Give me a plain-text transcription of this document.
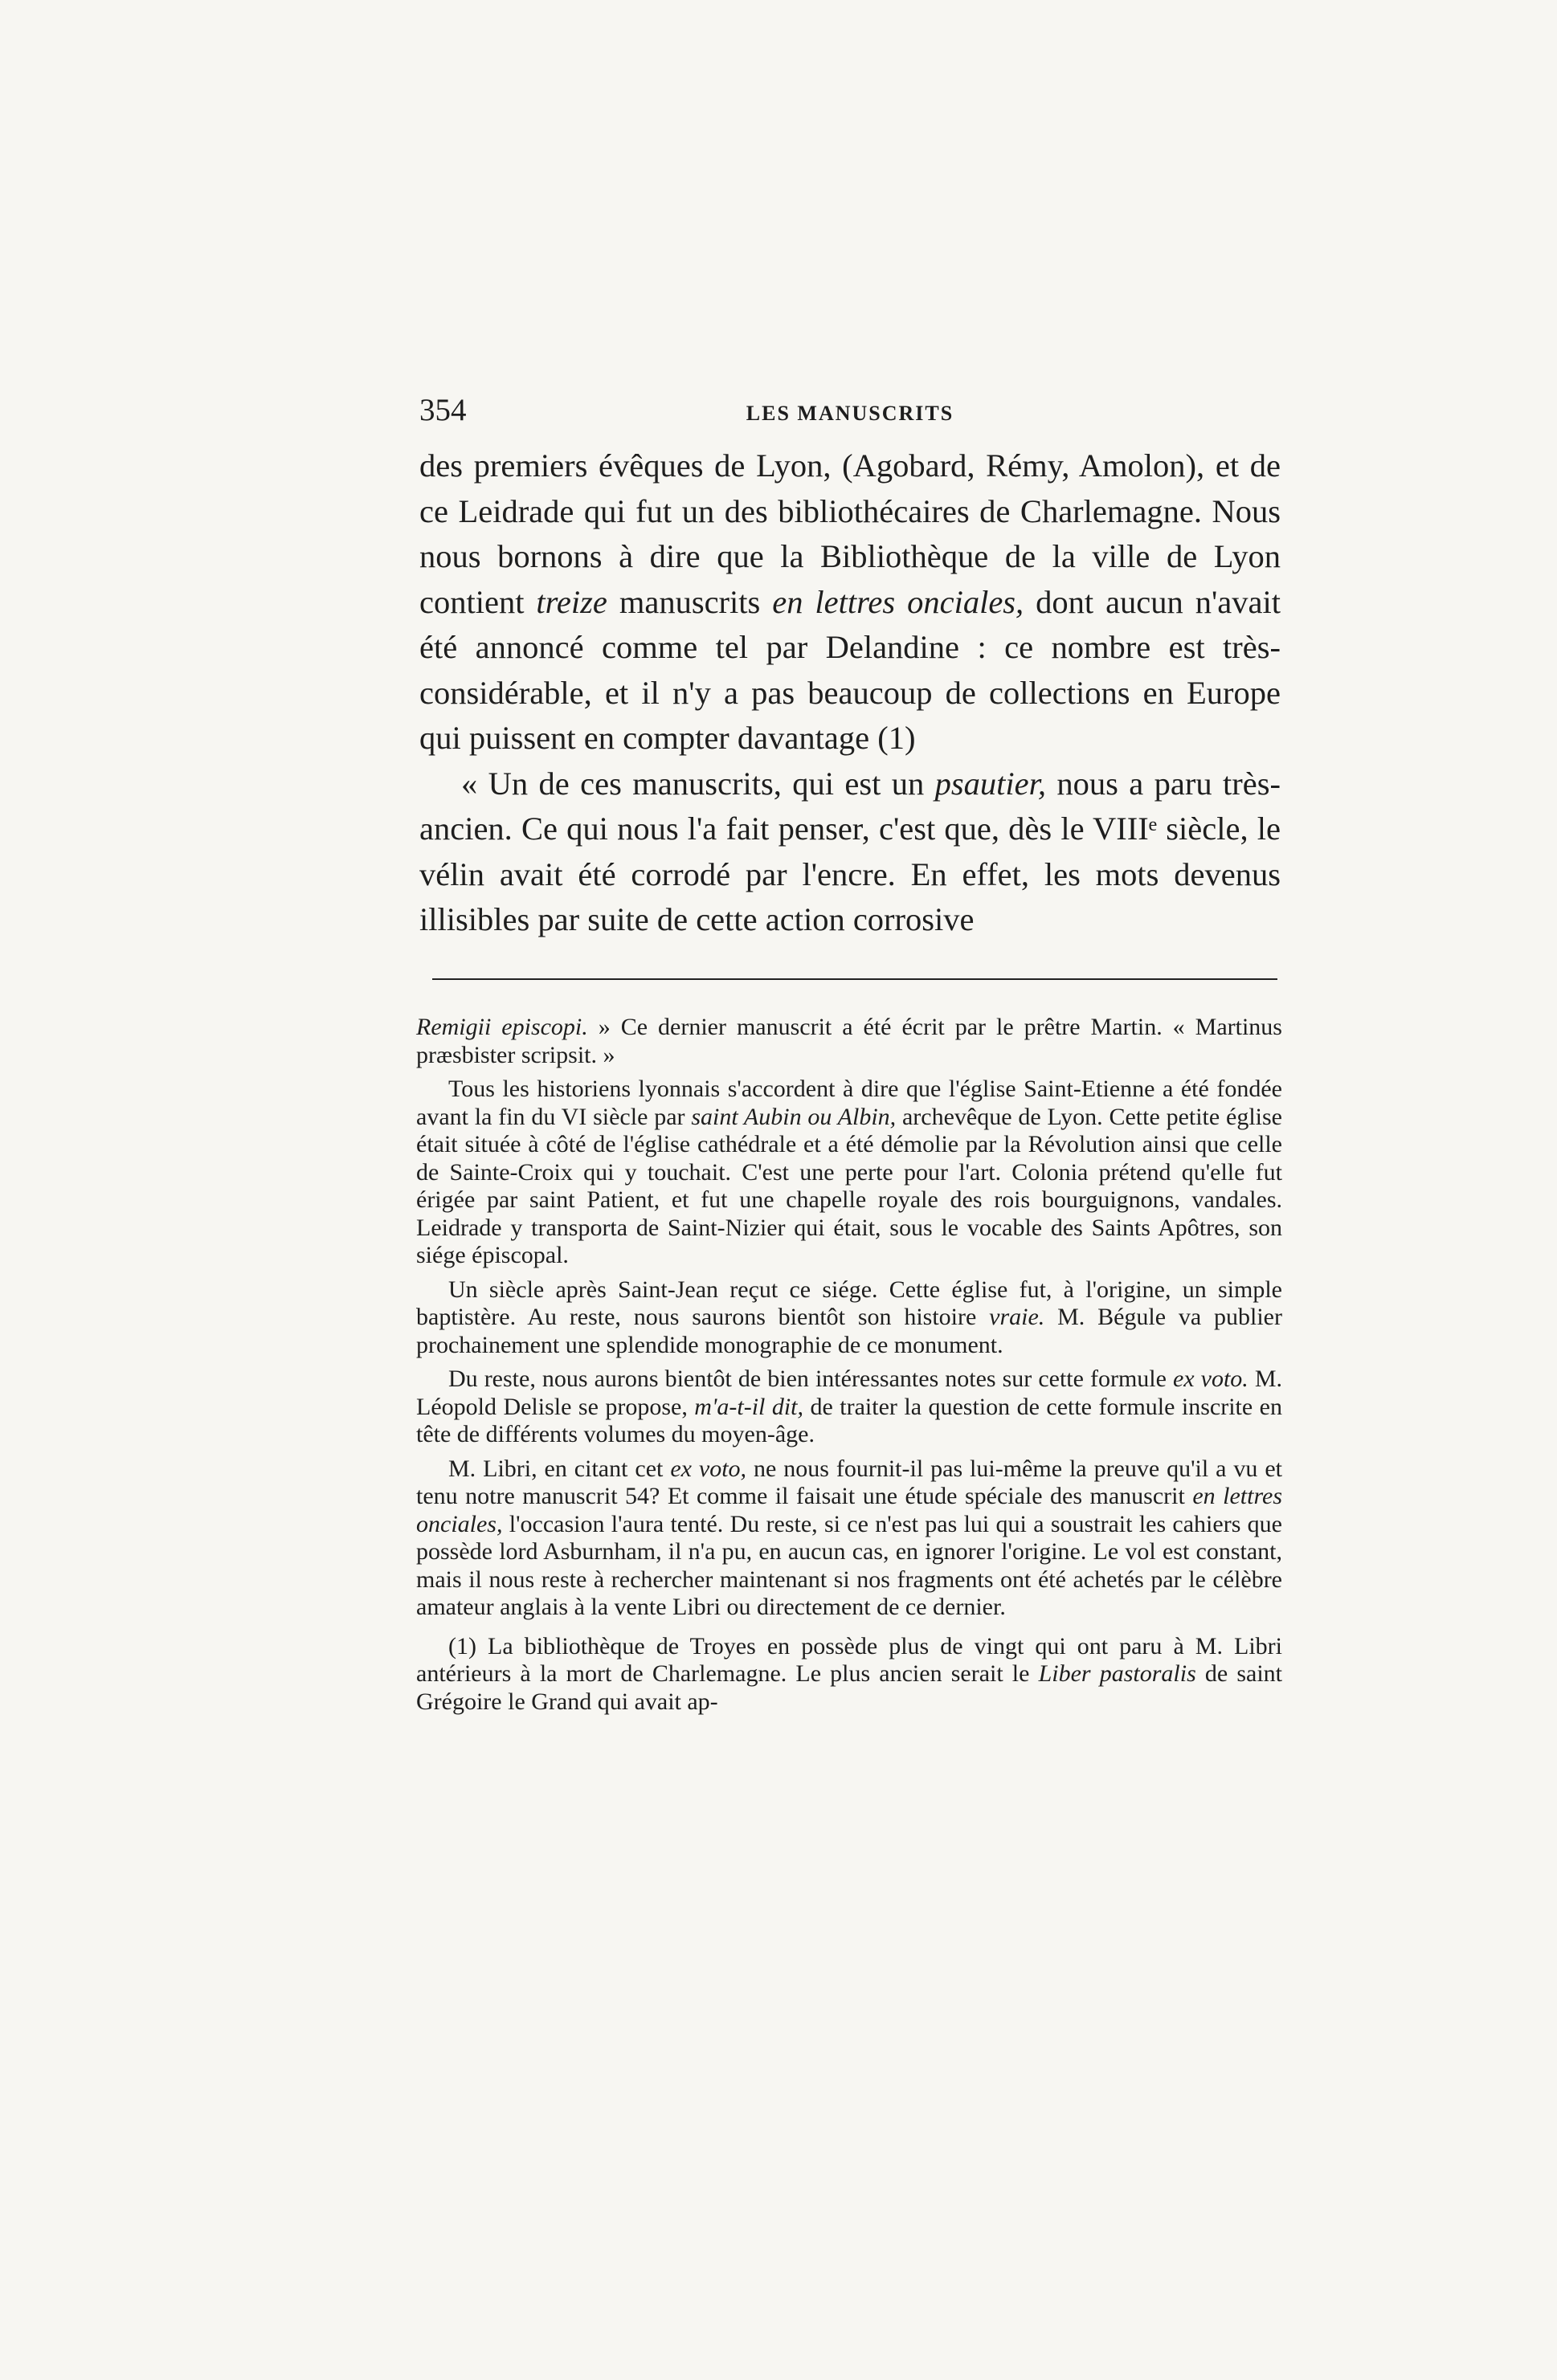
354	LES MANUSCRITS

des premiers évêques de Lyon, (Agobard, Rémy, Amolon), et de ce Leidrade qui fut un des bibliothécaires de Charlemagne. Nous nous bornons à dire que la Bibliothèque de la ville de Lyon contient treize manuscrits en lettres onciales, dont aucun n'avait été annoncé comme tel par Delandine : ce nombre est très-considérable, et il n'y a pas beaucoup de collections en Europe qui puissent en compter davantage (1)

« Un de ces manuscrits, qui est un psautier, nous a paru très-ancien. Ce qui nous l'a fait penser, c'est que, dès le VIIIᵉ siècle, le vélin avait été corrodé par l'encre. En effet, les mots devenus illisibles par suite de cette action corrosive

Remigii episcopi. » Ce dernier manuscrit a été écrit par le prêtre Martin. « Martinus præsbister scripsit. »

Tous les historiens lyonnais s'accordent à dire que l'église Saint-Etienne a été fondée avant la fin du VI siècle par saint Aubin ou Albin, archevêque de Lyon. Cette petite église était située à côté de l'église cathédrale et a été démolie par la Révolution ainsi que celle de Sainte-Croix qui y touchait. C'est une perte pour l'art. Colonia prétend qu'elle fut érigée par saint Patient, et fut une chapelle royale des rois bourguignons, vandales. Leidrade y transporta de Saint-Nizier qui était, sous le vocable des Saints Apôtres, son siége épiscopal.

Un siècle après Saint-Jean reçut ce siége. Cette église fut, à l'origine, un simple baptistère. Au reste, nous saurons bientôt son histoire vraie. M. Bégule va publier prochainement une splendide monographie de ce monument.

Du reste, nous aurons bientôt de bien intéressantes notes sur cette formule ex voto. M. Léopold Delisle se propose, m'a-t-il dit, de traiter la question de cette formule inscrite en tête de différents volumes du moyen-âge.

M. Libri, en citant cet ex voto, ne nous fournit-il pas lui-même la preuve qu'il a vu et tenu notre manuscrit 54? Et comme il faisait une étude spéciale des manuscrit en lettres onciales, l'occasion l'aura tenté. Du reste, si ce n'est pas lui qui a soustrait les cahiers que possède lord Asburnham, il n'a pu, en aucun cas, en ignorer l'origine. Le vol est constant, mais il nous reste à rechercher maintenant si nos fragments ont été achetés par le célèbre amateur anglais à la vente Libri ou directement de ce dernier.

(1) La bibliothèque de Troyes en possède plus de vingt qui ont paru à M. Libri antérieurs à la mort de Charlemagne. Le plus ancien serait le Liber pastoralis de saint Grégoire le Grand qui avait ap-
